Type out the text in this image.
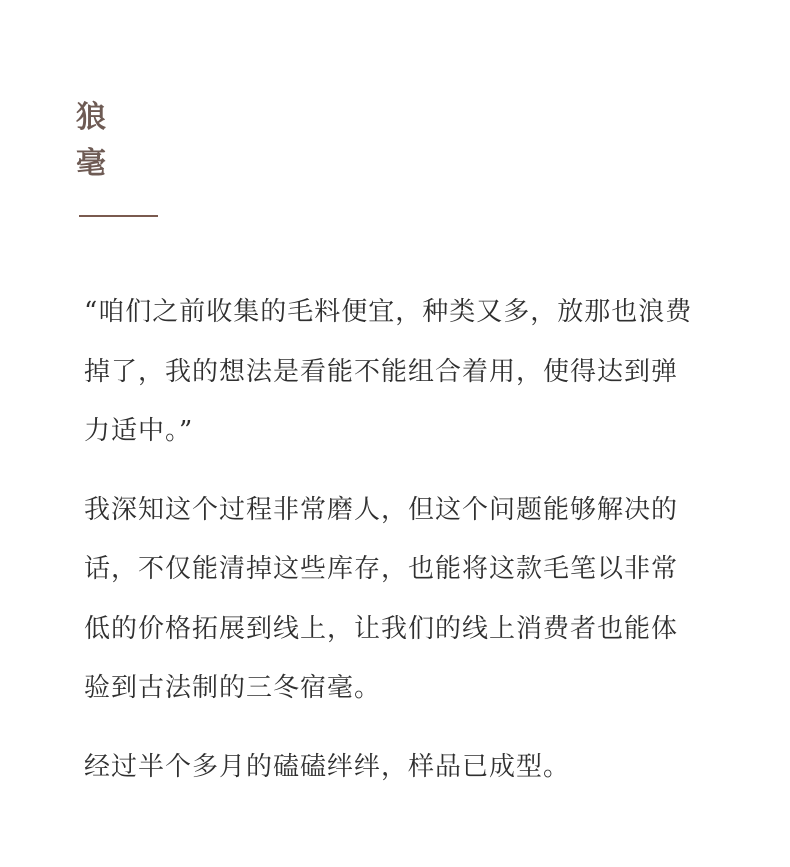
狼
毫

“咱们之前收集的毛料便宜，种类又多，放那也浪费
掉了，我的想法是看能不能组合着用，使得达到弹
力适中。”

我深知这个过程非常磨人，但这个问题能够解决的
话，不仅能清掉这些库存，也能将这款毛笔以非常
低的价格拓展到线上，让我们的线上消费者也能体
验到古法制的三冬宿毫。

经过半个多月的磕磕绊绊，样品已成型。
